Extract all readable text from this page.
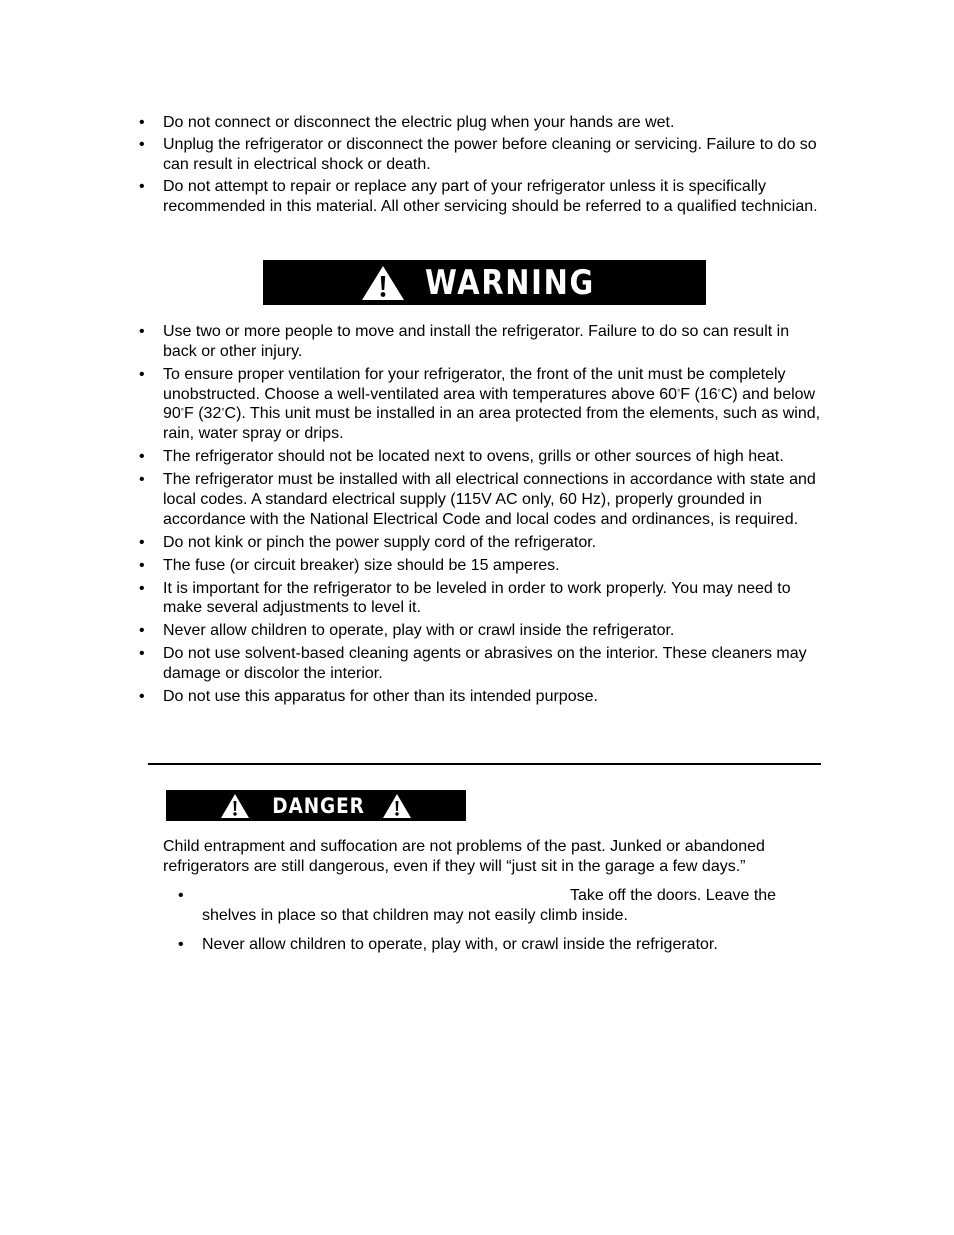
• Do not connect or disconnect the electric plug when your hands are wet.
• Unplug the refrigerator or disconnect the power before cleaning or servicing. Failure to do so can result in electrical shock or death.
• Do not attempt to repair or replace any part of your refrigerator unless it is specifically recommended in this material. All other servicing should be referred to a qualified technician.
WARNING
• Use two or more people to move and install the refrigerator. Failure to do so can result in back or other injury.
• To ensure proper ventilation for your refrigerator, the front of the unit must be completely unobstructed. Choose a well-ventilated area with temperatures above 60°F (16°C) and below 90°F (32°C). This unit must be installed in an area protected from the elements, such as wind, rain, water spray or drips.
• The refrigerator should not be located next to ovens, grills or other sources of high heat.
• The refrigerator must be installed with all electrical connections in accordance with state and local codes. A standard electrical supply (115V AC only, 60 Hz), properly grounded in accordance with the National Electrical Code and local codes and ordinances, is required.
• Do not kink or pinch the power supply cord of the refrigerator.
• The fuse (or circuit breaker) size should be 15 amperes.
• It is important for the refrigerator to be leveled in order to work properly. You may need to make several adjustments to level it.
• Never allow children to operate, play with or crawl inside the refrigerator.
• Do not use solvent-based cleaning agents or abrasives on the interior. These cleaners may damage or discolor the interior.
• Do not use this apparatus for other than its intended purpose.
DANGER
Child entrapment and suffocation are not problems of the past. Junked or abandoned refrigerators are still dangerous, even if they will “just sit in the garage a few days.”
•	Take off the doors. Leave the shelves in place so that children may not easily climb inside.
• Never allow children to operate, play with, or crawl inside the refrigerator.
